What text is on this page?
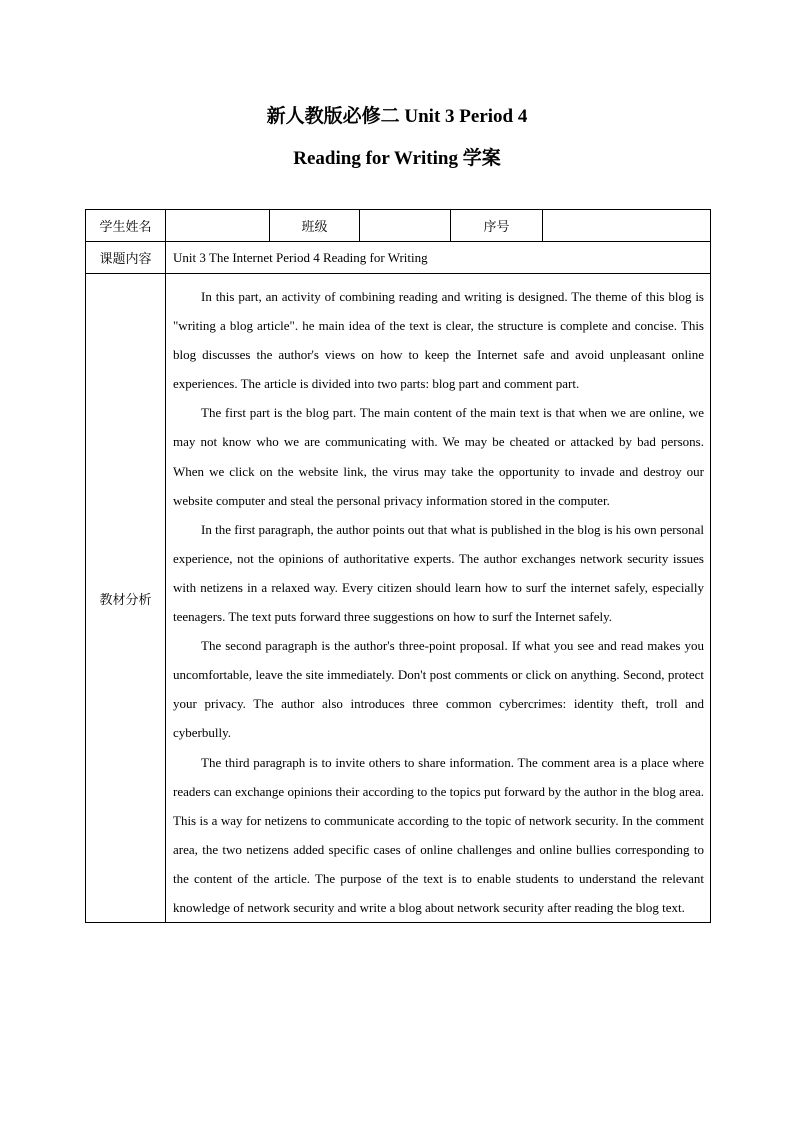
新人教版必修二 Unit 3 Period 4
Reading for Writing 学案
学生姓名		班级		序号	
课题内容	Unit 3 The Internet Period 4 Reading for Writing				
教材分析	In this part, an activity of combining reading and writing is designed. The theme of this blog is "writing a blog article". he main idea of the text is clear, the structure is complete and concise. This blog discusses the author's views on how to keep the Internet safe and avoid unpleasant online experiences. The article is divided into two parts: blog part and comment part.

The first part is the blog part. The main content of the main text is that when we are online, we may not know who we are communicating with. We may be cheated or attacked by bad persons. When we click on the website link, the virus may take the opportunity to invade and destroy our website computer and steal the personal privacy information stored in the computer.

In the first paragraph, the author points out that what is published in the blog is his own personal experience, not the opinions of authoritative experts. The author exchanges network security issues with netizens in a relaxed way. Every citizen should learn how to surf the internet safely, especially teenagers. The text puts forward three suggestions on how to surf the Internet safely.

The second paragraph is the author's three-point proposal. If what you see and read makes you uncomfortable, leave the site immediately. Don't post comments or click on anything. Second, protect your privacy. The author also introduces three common cybercrimes: identity theft, troll and cyberbully.

The third paragraph is to invite others to share information. The comment area is a place where readers can exchange opinions their according to the topics put forward by the author in the blog area. This is a way for netizens to communicate according to the topic of network security. In the comment area, the two netizens added specific cases of online challenges and online bullies corresponding to the content of the article. The purpose of the text is to enable students to understand the relevant knowledge of network security and write a blog about network security after reading the blog text.				
